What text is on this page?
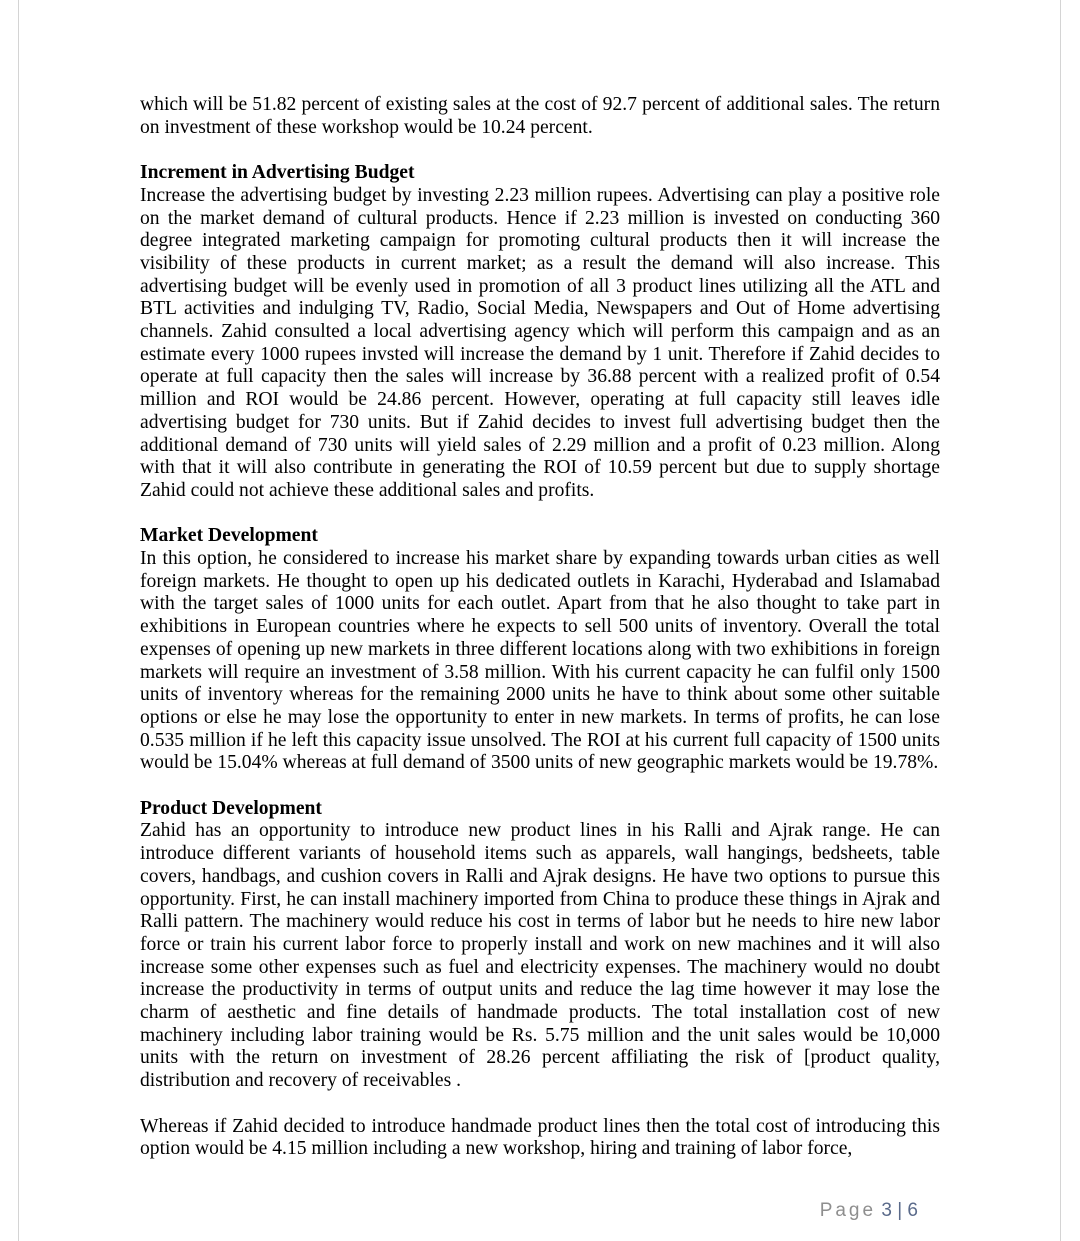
which will be 51.82 percent of existing sales at the cost of 92.7 percent of additional sales. The return on investment of these workshop would be 10.24 percent.

Increment in Advertising Budget

Increase the advertising budget by investing 2.23 million rupees. Advertising can play a positive role on the market demand of cultural products. Hence if 2.23 million is invested on conducting 360 degree integrated marketing campaign for promoting cultural products then it will increase the visibility of these products in current market; as a result the demand will also increase. This advertising budget will be evenly used in promotion of all 3 product lines utilizing all the ATL and BTL activities and indulging TV, Radio, Social Media, Newspapers and Out of Home advertising channels. Zahid consulted a local advertising agency which will perform this campaign and as an estimate every 1000 rupees invsted will increase the demand by 1 unit. Therefore if Zahid decides to operate at full capacity then the sales will increase by 36.88 percent with a realized profit of 0.54 million and ROI would be 24.86 percent. However, operating at full capacity still leaves idle advertising budget for 730 units. But if Zahid decides to invest full advertising budget then the additional demand of 730 units will yield sales of 2.29 million and a profit of 0.23 million. Along with that it will also contribute in generating the ROI of 10.59 percent but due to supply shortage Zahid could not achieve these additional sales and profits.

Market Development

In this option, he considered to increase his market share by expanding towards urban cities as well foreign markets. He thought to open up his dedicated outlets in Karachi, Hyderabad and Islamabad with the target sales of 1000 units for each outlet. Apart from that he also thought to take part in exhibitions in European countries where he expects to sell 500 units of inventory. Overall the total expenses of opening up new markets in three different locations along with two exhibitions in foreign markets will require an investment of 3.58 million. With his current capacity he can fulfil only 1500 units of inventory whereas for the remaining 2000 units he have to think about some other suitable options or else he may lose the opportunity to enter in new markets. In terms of profits, he can lose 0.535 million if he left this capacity issue unsolved. The ROI at his current full capacity of 1500 units would be 15.04% whereas at full demand of 3500 units of new geographic markets would be 19.78%.

Product Development

Zahid has an opportunity to introduce new product lines in his Ralli and Ajrak range. He can introduce different variants of household items such as apparels, wall hangings, bedsheets, table covers, handbags, and cushion covers in Ralli and Ajrak designs. He have two options to pursue this opportunity. First, he can install machinery imported from China to produce these things in Ajrak and Ralli pattern. The machinery would reduce his cost in terms of labor but he needs to hire new labor force or train his current labor force to properly install and work on new machines and it will also increase some other expenses such as fuel and electricity expenses. The machinery would no doubt increase the productivity in terms of output units and reduce the lag time however it may lose the charm of aesthetic and fine details of handmade products. The total installation cost of new machinery including labor training would be Rs. 5.75 million and the unit sales would be 10,000 units with the return on investment of 28.26 percent affiliating the risk of [product quality, distribution and recovery of receivables .

Whereas if Zahid decided to introduce handmade product lines then the total cost of introducing this option would be 4.15 million including a new workshop, hiring and training of labor force,

Page 3 | 6
